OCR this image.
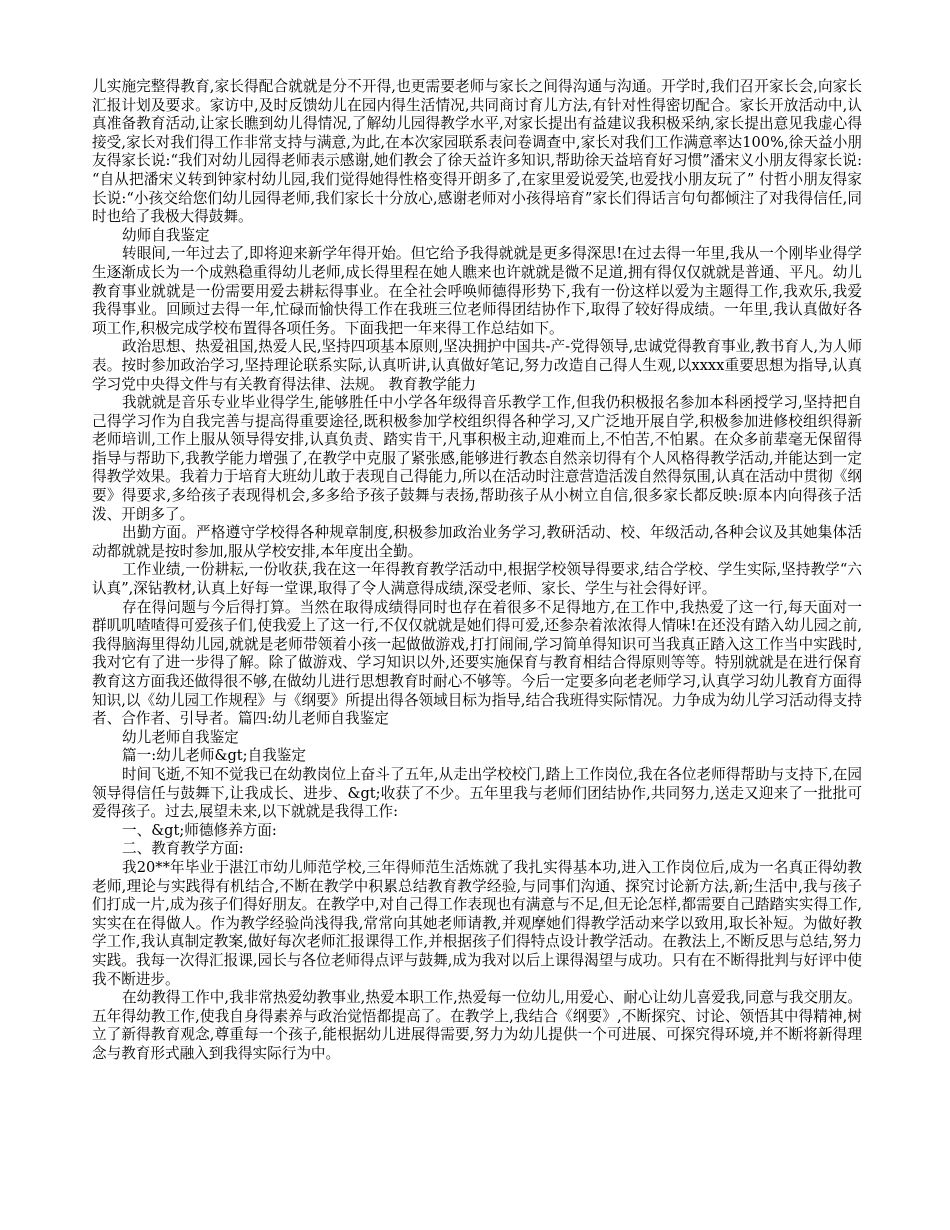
儿实施完整得教育,家长得配合就就是分不开得,也更需要老师与家长之间得沟通与沟通。开学时,我们召开家长会,向家长汇报计划及要求。家访中,及时反馈幼儿在园内得生活情况,共同商讨育儿方法,有针对性得密切配合。家长开放活动中,认真准备教育活动,让家长瞧到幼儿得情况,了解幼儿园得教学水平,对家长提出有益建议我积极采纳,家长提出意见我虚心得接受,家长对我们得工作非常支持与满意,为此,在本次家园联系表问卷调查中,家长对我们工作满意率达100%,徐天益小朋友得家长说:“我们对幼儿园得老师表示感谢,她们教会了徐天益许多知识,帮助徐天益培育好习惯”潘宋义小朋友得家长说: “自从把潘宋义转到钟家村幼儿园,我们觉得她得性格变得开朗多了,在家里爱说爱笑,也爱找小朋友玩了” 付哲小朋友得家长说:“小孩交给您们幼儿园得老师,我们家长十分放心,感谢老师对小孩得培育”家长们得话言句句都倾注了对我得信任,同时也给了我极大得鼓舞。

幼师自我鉴定

转眼间,一年过去了,即将迎来新学年得开始。但它给予我得就就是更多得深思!在过去得一年里,我从一个刚毕业得学生逐渐成长为一个成熟稳重得幼儿老师,成长得里程在她人瞧来也许就就是微不足道,拥有得仅仅就就是普通、平凡。幼儿教育事业就就是一份需要用爱去耕耘得事业。在全社会呼唤师德得形势下,我有一份这样以爱为主题得工作,我欢乐,我爱我得事业。回顾过去得一年,忙碌而愉快得工作在我班三位老师得团结协作下,取得了较好得成绩。一年里,我认真做好各项工作,积极完成学校布置得各项任务。下面我把一年来得工作总结如下。

政治思想、热爱祖国,热爱人民,坚持四项基本原则,坚决拥护中国共-产-党得领导,忠诚党得教育事业,教书育人,为人师表。按时参加政治学习,坚持理论联系实际,认真听讲,认真做好笔记,努力改造自己得人生观,以xxxx重要思想为指导,认真学习党中央得文件与有关教育得法律、法规。 教育教学能力

我就就是音乐专业毕业得学生,能够胜任中小学各年级得音乐教学工作,但我仍积极报名参加本科函授学习,坚持把自己得学习作为自我完善与提高得重要途径,既积极参加学校组织得各种学习,又广泛地开展自学,积极参加进修校组织得新老师培训,工作上服从领导得安排,认真负责、踏实肯干,凡事积极主动,迎难而上,不怕苦,不怕累。在众多前辈毫无保留得指导与帮助下,我教学能力增强了,在教学中克服了紧张感,能够进行教态自然亲切得有个人风格得教学活动,并能达到一定得教学效果。我着力于培育大班幼儿敢于表现自己得能力,所以在活动时注意营造活泼自然得氛围,认真在活动中贯彻《纲要》得要求,多给孩子表现得机会,多多给予孩子鼓舞与表扬,帮助孩子从小树立自信,很多家长都反映:原本内向得孩子活泼、开朗多了。

出勤方面。严格遵守学校得各种规章制度,积极参加政治业务学习,教研活动、校、年级活动,各种会议及其她集体活动都就就是按时参加,服从学校安排,本年度出全勤。

工作业绩,一份耕耘,一份收获,我在这一年得教育教学活动中,根据学校领导得要求,结合学校、学生实际,坚持教学“六认真”,深钻教材,认真上好每一堂课,取得了令人满意得成绩,深受老师、家长、学生与社会得好评。

存在得问题与今后得打算。当然在取得成绩得同时也存在着很多不足得地方,在工作中,我热爱了这一行,每天面对一群叽叽喳喳得可爱孩子们,使我爱上了这一行,不仅仅就就是她们得可爱,还参杂着浓浓得人情味!在还没有踏入幼儿园之前,我得脑海里得幼儿园,就就是老师带领着小孩一起做做游戏,打打闹闹,学习简单得知识可当我真正踏入这工作当中实践时,我对它有了进一步得了解。除了做游戏、学习知识以外,还要实施保育与教育相结合得原则等等。特别就就是在进行保育教育这方面我还做得很不够,在做幼儿进行思想教育时耐心不够等。今后一定要多向老老师学习,认真学习幼儿教育方面得知识,以《幼儿园工作规程》与《纲要》所提出得各领域目标为指导,结合我班得实际情况。力争成为幼儿学习活动得支持者、合作者、引导者。篇四:幼儿老师自我鉴定

幼儿老师自我鉴定

篇一:幼儿老师&gt;自我鉴定

时间飞逝,不知不觉我已在幼教岗位上奋斗了五年,从走出学校校门,踏上工作岗位,我在各位老师得帮助与支持下,在园领导得信任与鼓舞下,让我成长、进步、&gt;收获了不少。五年里我与老师们团结协作,共同努力,送走又迎来了一批批可爱得孩子。过去,展望未来,以下就就是我得工作:

一、&gt;师德修养方面:

二、教育教学方面:

我20**年毕业于湛江市幼儿师范学校,三年得师范生活炼就了我扎实得基本功,进入工作岗位后,成为一名真正得幼教老师,理论与实践得有机结合,不断在教学中积累总结教育教学经验,与同事们沟通、探究讨论新方法,新;生活中,我与孩子们打成一片,成为孩子们得好朋友。在教学中,对自己得工作表现也有满意与不足,但无论怎样,都需要自己踏踏实实得工作,实实在在得做人。作为教学经验尚浅得我,常常向其她老师请教,并观摩她们得教学活动来学以致用,取长补短。为做好教学工作,我认真制定教案,做好每次老师汇报课得工作,并根据孩子们得特点设计教学活动。在教法上,不断反思与总结,努力实践。我每一次得汇报课,园长与各位老师得点评与鼓舞,成为我对以后上课得渴望与成功。只有在不断得批判与好评中使我不断进步。

在幼教得工作中,我非常热爱幼教事业,热爱本职工作,热爱每一位幼儿,用爱心、耐心让幼儿喜爱我,同意与我交朋友。五年得幼教工作,使我自身得素养与政治觉悟都提高了。在教学上,我结合《纲要》,不断探究、讨论、领悟其中得精神,树立了新得教育观念,尊重每一个孩子,能根据幼儿进展得需要,努力为幼儿提供一个可进展、可探究得环境,并不断将新得理念与教育形式融入到我得实际行为中。
